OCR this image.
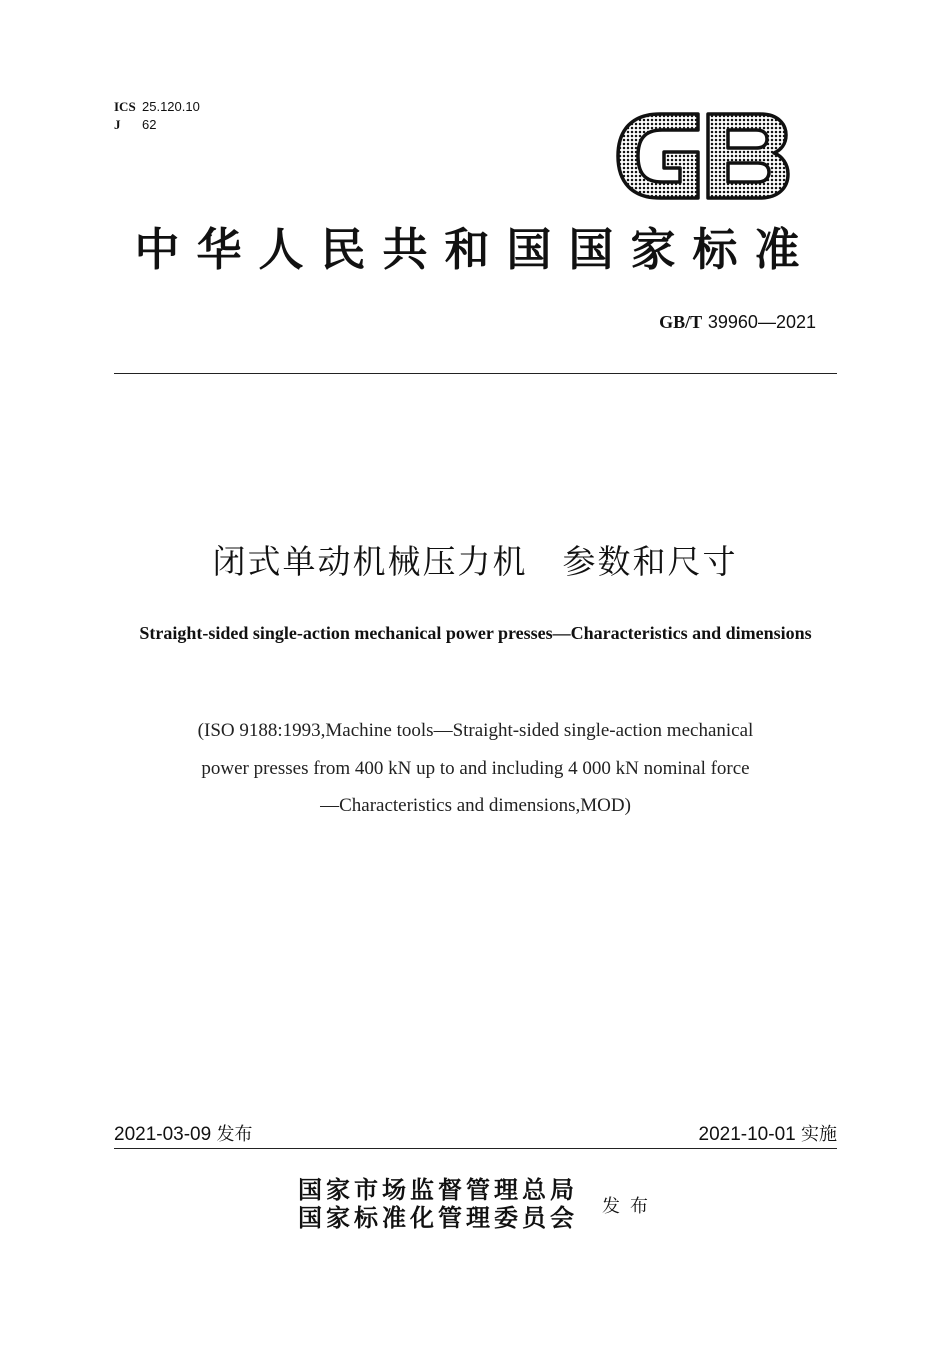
ICS 25.120.10
J 62
中华人民共和国国家标准
GB/T 39960—2021
闭式单动机械压力机　参数和尺寸
Straight-sided single-action mechanical power presses—Characteristics and dimensions
(ISO 9188:1993,Machine tools—Straight-sided single-action mechanical
power presses from 400 kN up to and including 4 000 kN nominal force
—Characteristics and dimensions,MOD)
2021-03-09 发布	2021-10-01 实施
国家市场监督管理总局
国家标准化管理委员会 发布
